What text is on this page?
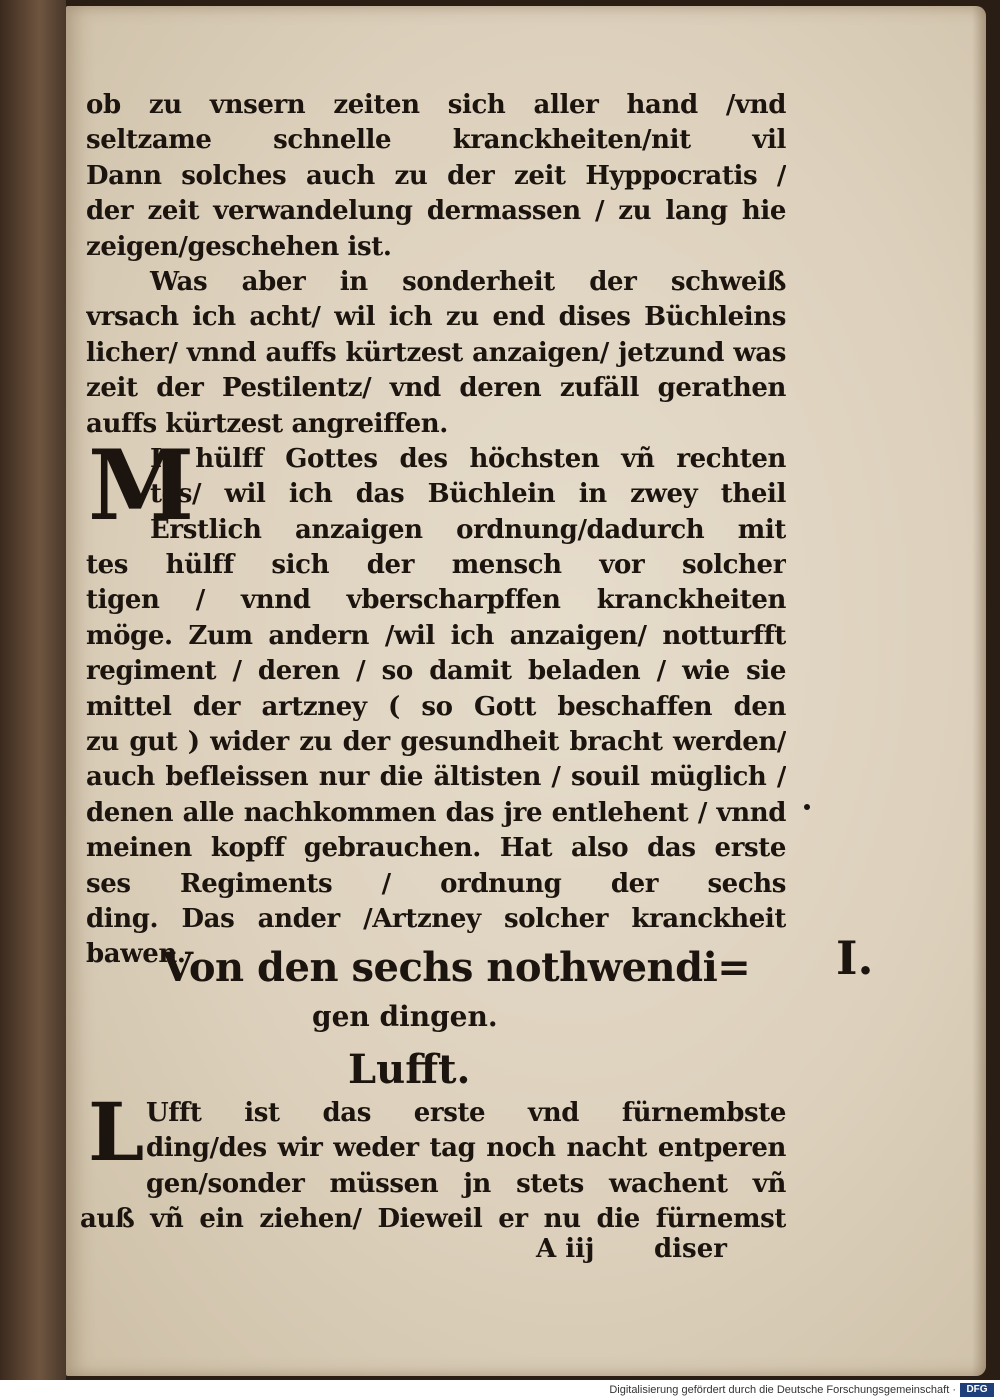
ob zu vnsern zeiten sich aller hand /vnd
seltzame schnelle kranckheiten/nit vil
Dann solches auch zu der zeit Hyppocratis /
der zeit verwandelung dermassen / zu lang hie
zeigen/geschehen ist.
Was aber in sonderheit der schweiß
vrsach ich acht/ wil ich zu end dises Büchleins
licher/ vnnd auffs kürtzest anzaigen/ jetzund was
zeit der Pestilentz/ vnd deren zufäll gerathen
auffs kürtzest angreiffen.
It hülff Gottes des höchsten vñ rechten
tes/ wil ich das Büchlein in zwey theil
Erstlich anzaigen ordnung/dadurch mit
tes hülff sich der mensch vor solcher
tigen / vnnd vberscharpffen kranckheiten
möge. Zum andern /wil ich anzaigen/ notturfft
regiment / deren / so damit beladen / wie sie
mittel der artzney ( so Gott beschaffen den
zu gut ) wider zu der gesundheit bracht werden/
auch befleissen nur die ältisten / souil müglich /
denen alle nachkommen das jre entlehent / vnnd
meinen kopff gebrauchen. Hat also das erste
ses Regiments / ordnung der sechs
ding. Das ander /Artzney solcher kranckheit
bawen.
M
Von den sechs nothwendi=
gen dingen.
I.
Lufft.
L Ufft ist das erste vnd fürnembste
ding/des wir weder tag noch nacht entperen
gen/sonder müssen jn stets wachent vñ
auß vñ ein ziehen/ Dieweil er nu die fürnemst
A iij diser
Digitalisierung gefördert durch die Deutsche Forschungsgemeinschaft ·	DFG
